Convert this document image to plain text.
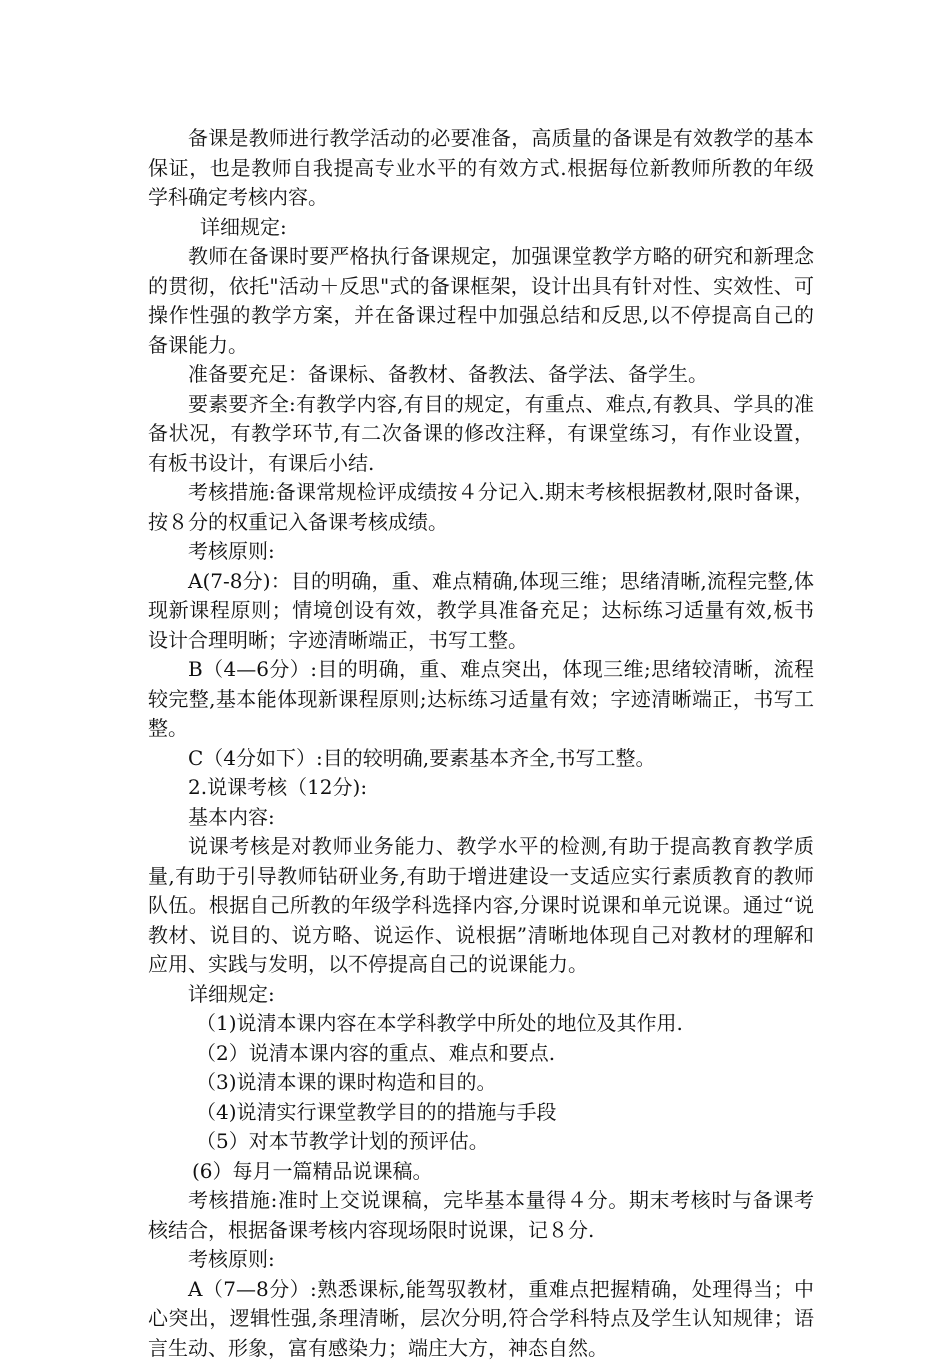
备课是教师进行教学活动的必要准备，高质量的备课是有效教学的基本保证，也是教师自我提高专业水平的有效方式.根据每位新教师所教的年级学科确定考核内容。

详细规定:

教师在备课时要严格执行备课规定，加强课堂教学方略的研究和新理念的贯彻，依托"活动＋反思"式的备课框架，设计出具有针对性、实效性、可操作性强的教学方案，并在备课过程中加强总结和反思,以不停提高自己的备课能力。

准备要充足：备课标、备教材、备教法、备学法、备学生。

要素要齐全:有教学内容,有目的规定，有重点、难点,有教具、学具的准备状况，有教学环节,有二次备课的修改注释，有课堂练习，有作业设置，有板书设计，有课后小结.

考核措施:备课常规检评成绩按４分记入.期末考核根据教材,限时备课，按８分的权重记入备课考核成绩。

考核原则:

A(7-8分)：目的明确，重、难点精确,体现三维；思绪清晰,流程完整,体现新课程原则；情境创设有效，教学具准备充足；达标练习适量有效,板书设计合理明晰；字迹清晰端正，书写工整。

B（4—6分）:目的明确，重、难点突出，体现三维;思绪较清晰，流程较完整,基本能体现新课程原则;达标练习适量有效；字迹清晰端正，书写工整。

C（4分如下）:目的较明确,要素基本齐全,书写工整。

2.说课考核（12分):

基本内容:

说课考核是对教师业务能力、教学水平的检测,有助于提高教育教学质量,有助于引导教师钻研业务,有助于增进建设一支适应实行素质教育的教师队伍。根据自己所教的年级学科选择内容,分课时说课和单元说课。通过“说教材、说目的、说方略、说运作、说根据”清晰地体现自己对教材的理解和应用、实践与发明，以不停提高自己的说课能力。

详细规定:

（1)说清本课内容在本学科教学中所处的地位及其作用.

（2）说清本课内容的重点、难点和要点.

（3)说清本课的课时构造和目的。

（4)说清实行课堂教学目的的措施与手段

（5）对本节教学计划的预评估。

(6）每月一篇精品说课稿。

考核措施:准时上交说课稿，完毕基本量得４分。期末考核时与备课考核结合，根据备课考核内容现场限时说课，记８分.

考核原则:

A（7—8分）:熟悉课标,能驾驭教材，重难点把握精确，处理得当；中心突出，逻辑性强,条理清晰，层次分明,符合学科特点及学生认知规律；语言生动、形象，富有感染力；端庄大方，神态自然。
